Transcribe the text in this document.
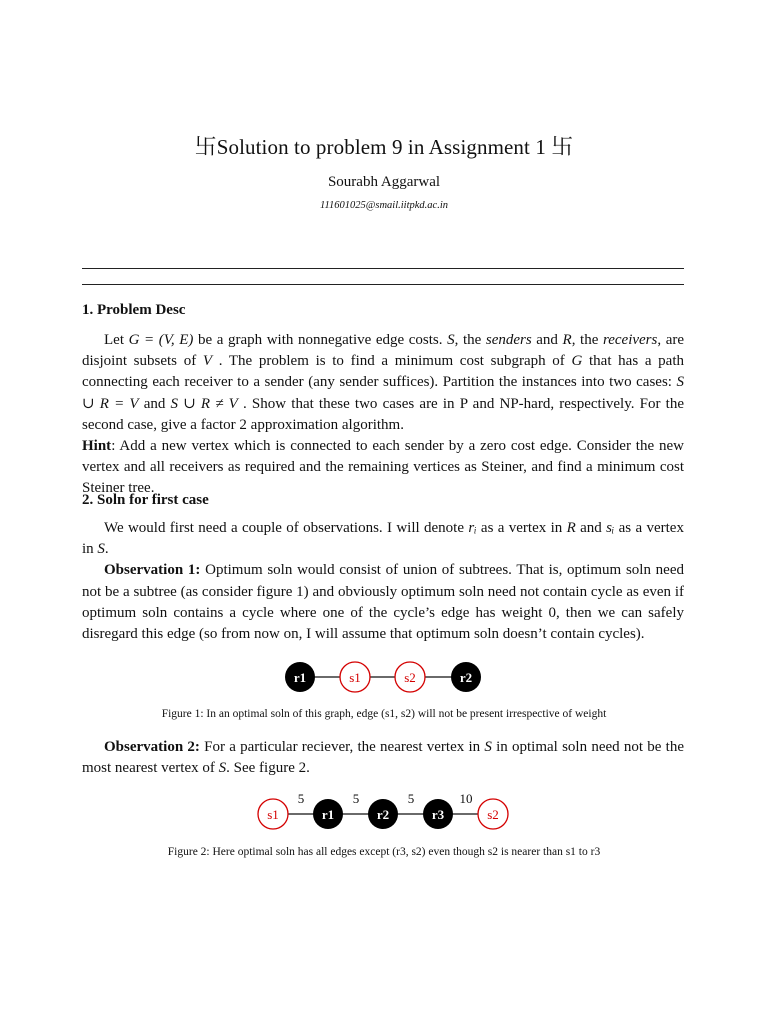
卐Solution to problem 9 in Assignment 1 卐
Sourabh Aggarwal
111601025@smail.iitpkd.ac.in
1. Problem Desc
Let G = (V, E) be a graph with nonnegative edge costs. S, the senders and R, the receivers, are disjoint subsets of V . The problem is to find a minimum cost subgraph of G that has a path connecting each receiver to a sender (any sender suffices). Partition the instances into two cases: S ∪ R = V and S ∪ R ≠ V . Show that these two cases are in P and NP-hard, respectively. For the second case, give a factor 2 approximation algorithm.
Hint: Add a new vertex which is connected to each sender by a zero cost edge. Consider the new vertex and all receivers as required and the remaining vertices as Steiner, and find a minimum cost Steiner tree.
2. Soln for first case
We would first need a couple of observations. I will denote rᵢ as a vertex in R and sᵢ as a vertex in S.
Observation 1: Optimum soln would consist of union of subtrees. That is, optimum soln need not be a subtree (as consider figure 1) and obviously optimum soln need not contain cycle as even if optimum soln contains a cycle where one of the cycle’s edge has weight 0, then we can safely disregard this edge (so from now on, I will assume that optimum soln doesn’t contain cycles).
r1	s1	s2	r2
Figure 1: In an optimal soln of this graph, edge (s1, s2) will not be present irrespective of weight
Observation 2: For a particular reciever, the nearest vertex in S in optimal soln need not be the most nearest vertex of S. See figure 2.
5	5	5	10
s1	r1	r2	r3	s2
Figure 2: Here optimal soln has all edges except (r3, s2) even though s2 is nearer than s1 to r3
